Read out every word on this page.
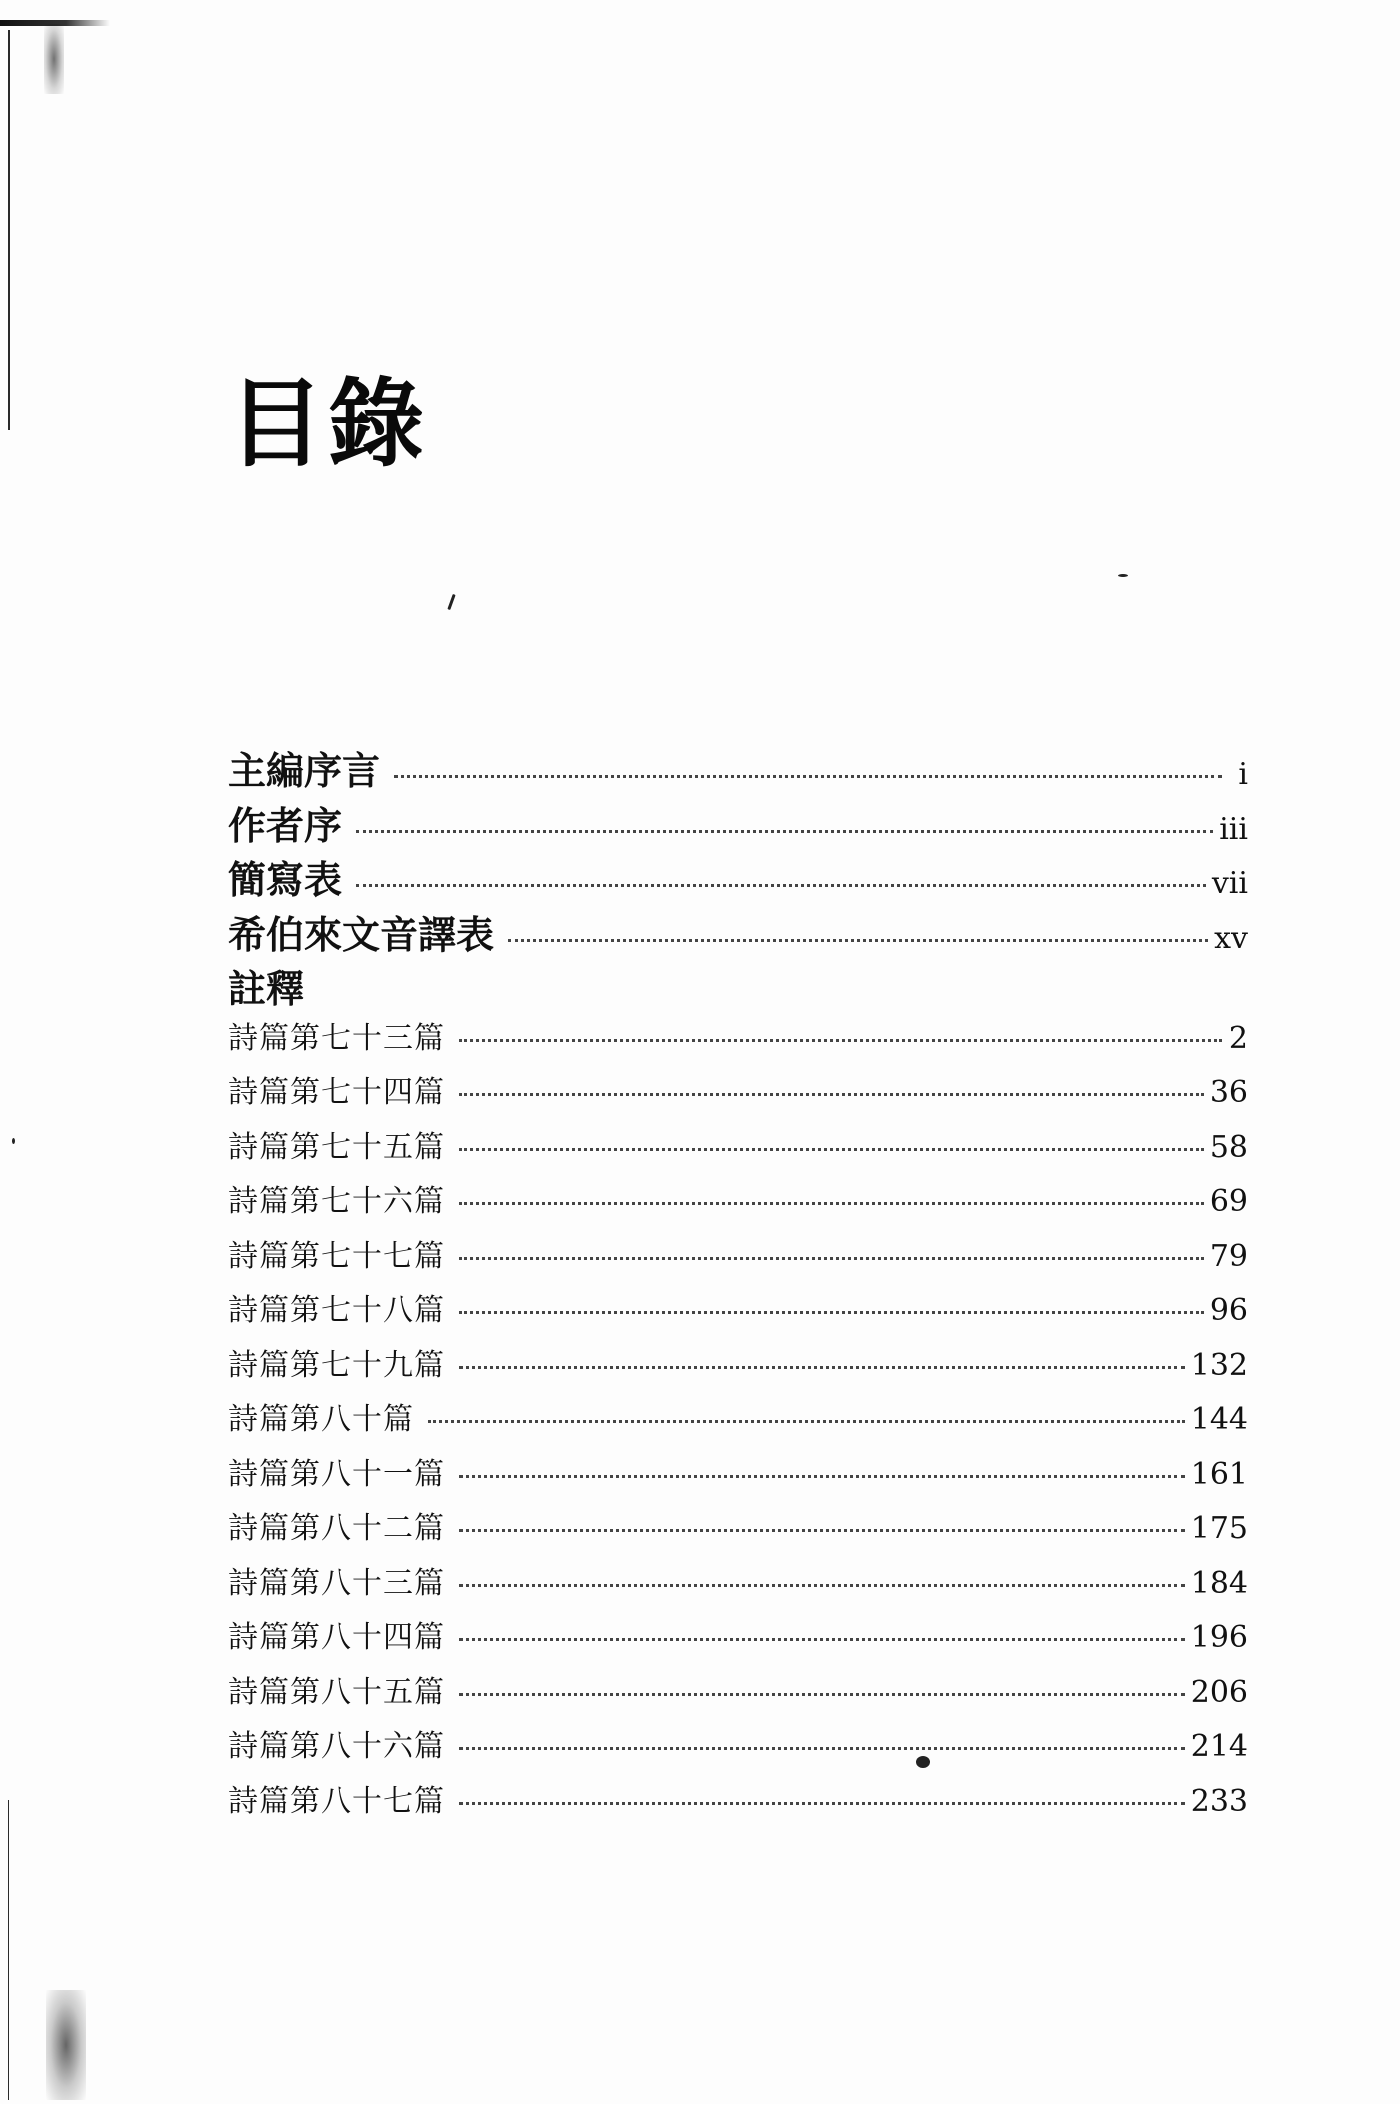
目錄
主編序言	i
作者序	iii
簡寫表	vii
希伯來文音譯表	xv
註釋
詩篇第七十三篇	2
詩篇第七十四篇	36
詩篇第七十五篇	58
詩篇第七十六篇	69
詩篇第七十七篇	79
詩篇第七十八篇	96
詩篇第七十九篇	132
詩篇第八十篇	144
詩篇第八十一篇	161
詩篇第八十二篇	175
詩篇第八十三篇	184
詩篇第八十四篇	196
詩篇第八十五篇	206
詩篇第八十六篇	214
詩篇第八十七篇	233
